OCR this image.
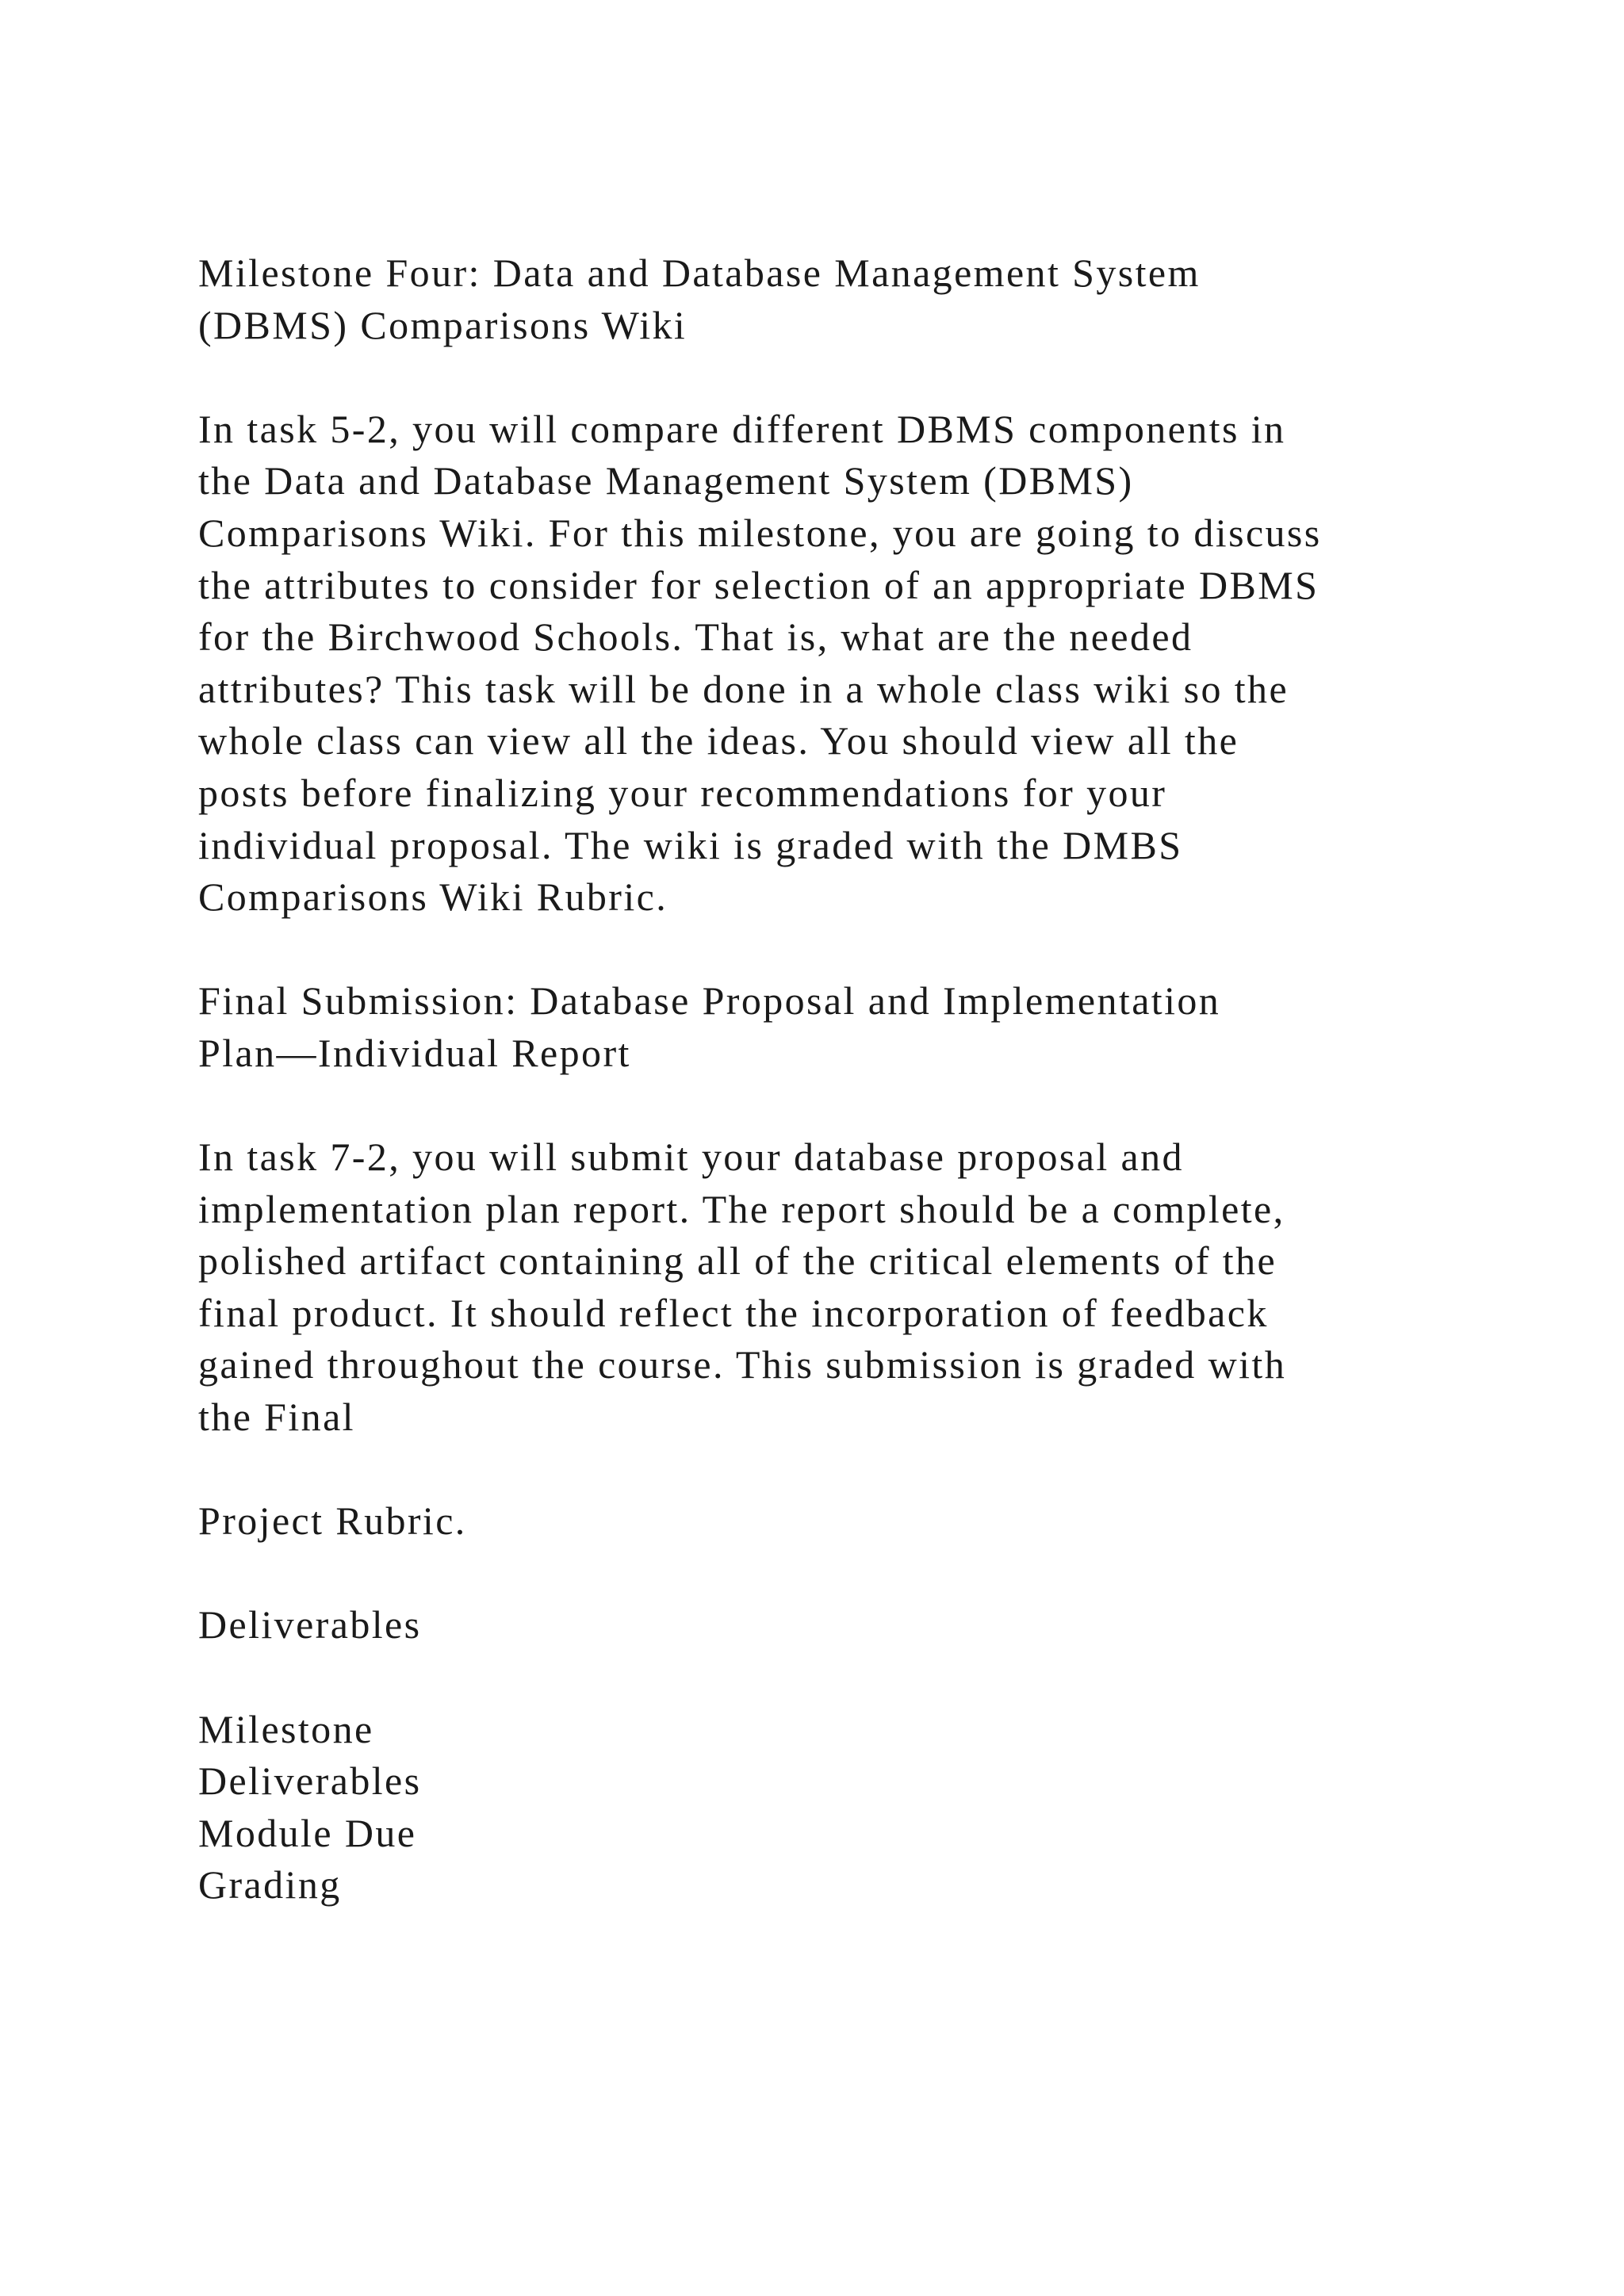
Milestone Four: Data and Database Management System
(DBMS) Comparisons Wiki
In task 5-2, you will compare different DBMS components in
the Data and Database Management System (DBMS)
Comparisons Wiki. For this milestone, you are going to discuss
the attributes to consider for selection of an appropriate DBMS
for the Birchwood Schools. That is, what are the needed
attributes? This task will be done in a whole class wiki so the
whole class can view all the ideas. You should view all the
posts before finalizing your recommendations for your
individual proposal. The wiki is graded with the DMBS
Comparisons Wiki Rubric.
Final Submission: Database Proposal and Implementation
Plan—Individual Report
In task 7-2, you will submit your database proposal and
implementation plan report. The report should be a complete,
polished artifact containing all of the critical elements of the
final product. It should reflect the incorporation of feedback
gained throughout the course. This submission is graded with
the Final
Project Rubric.
Deliverables
Milestone
Deliverables
Module Due
Grading
